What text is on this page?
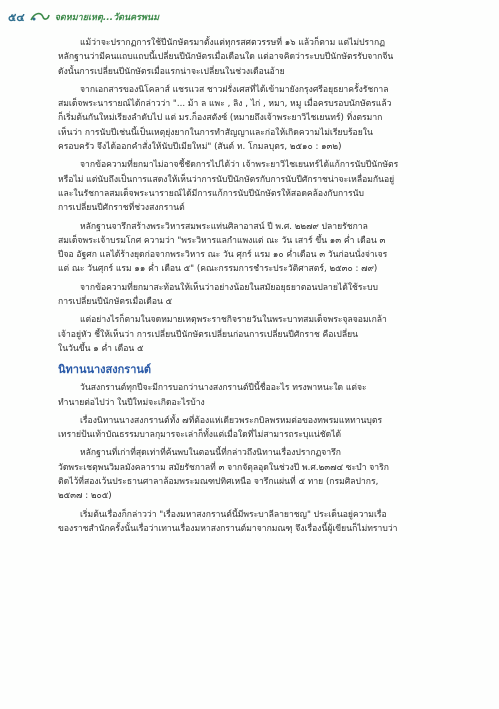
๕๔	จดหมายเหตุ...วัดนครพนม
แม้ว่าจะปรากฏการใช้ปีนักษัตรมาตั้งแต่ทุกรสศตวรรษที่ ๑๖ แล้วก็ตาม แต่ไม่ปรากฏ
หลักฐานว่ามีคนแถบแถบนี้เปลี่ยนปีนักษัตรเมื่อเดือนใด แต่อาจคิดว่าระบบปีนักษัตรรับจากจีน
ดังนั้นการเปลี่ยนปีนักษัตรเมื่อแรกน่าจะเปลี่ยนในช่วงเดือนอ้าย
จากเอกสารของนิโคลาส์ แชรแวส ชาวฝรั่งเศสที่ได้เข้ามายังกรุงศรีอยุธยาครั้งรัชกาล
สมเด็จพระนารายณ์ได้กล่าวว่า "... ม้า ล แพะ , ลิง , ไก่ , หมา, หมู เมื่อครบรอบนักษัตรแล้ว
ก็เริ่มต้นกันใหม่เรียงลำดับไป แต่ มร.ก็องสตังซ์ (หมายถึงเจ้าพระยาวิไชเยนทร์) ทิ่งตรมาก
เห็นว่า การนับปีเช่นนี้เป็นเหตุยุ่งยากในการทำสัญญาและก่อให้เกิดความไม่เรียบร้อยใน
ครอบครัว จึงได้ออกคำสั่งให้นับปีเมียใหม่" (สันต์ ท. โกมลบุตร, ๒๕๑๐ : ๑๓๒)
จากข้อความที่ยกมาไม่อาจชี้ชัดการไปได้ว่า เจ้าพระยาวิไชเยนทร์ได้แก้การนับปีนักษัตร
หรือไม่ แต่นับถึงเป็นการแสดงให้เห็นว่าการนับปีนักษัตรกับการนับปีศักราชน่าจะเหลื่อมกันอยู่
และในรัชกาลสมเด็จพระนารายณ์ได้มีการแก้การนับปีนักษัตรให้สอดคล้องกับการนับ
การเปลี่ยนปีศักราชที่ช่วงสงกรานต์
หลักฐานจารึกสร้างพระวิหารสมพระแท่นศิลาอาสน์ ปี พ.ศ. ๒๒๗๙ ปลายรัชกาล
สมเด็จพระเจ้าบรมโกศ ความว่า "พระวิหารแลกำแพงแต่ ณะ วัน เสาร์ ขึ้น ๑๓ ค่ำ เดือน ๓
ปีจอ อัฐศก แลได้ร้างยุดก่อจากพระวิหาร ณะ วัน ศุกร์ แรม ๑๐ ค่ำเดือน ๓ วันก่อนนั่งจ่าเจร
แต่ ณะ วันศุกร์ แรม ๑๑ ค่ำ เดือน ๕" (คณะกรรมการชำระประวัติศาสตร์, ๒๕๓๐ : ๗๙)
จากข้อความที่ยกมาสะท้อนให้เห็นว่าอย่างน้อยในสมัยอยุธยาตอนปลายได้ใช้ระบบ
การเปลี่ยนปีนักษัตรเมื่อเดือน ๕
แต่อย่างไรก็ตามในจดหมายเหตุพระราชกิจรายวันในพระบาทสมเด็จพระจุลจอมเกล้า
เจ้าอยู่หัว ชี้ให้เห็นว่า การเปลี่ยนปีนักษัตรเปลี่ยนก่อนการเปลี่ยนปีศักราช คือเปลี่ยน
ในวันขึ้น ๑ ค่ำ เดือน ๕
นิทานนางสงกรานต์
วันสงกรานต์ทุกปีจะมีการบอกว่านางสงกรานต์ปีนี้ชื่ออะไร ทรงพาหนะใด แต่จะ
ทำนายต่อไปว่า ในปีใหม่จะเกิดอะไรบ้าง
เรื่องนิทานนางสงกรานต์ทั้ง ๗ที่ต้องแห่เดียวพระกบิลพรหมต่อของทพรมแหทานบุตร
เทราย่ป้นเท้าบัณธรรมบาลกุมารจะเล่าก็ทั้งแต่เมื่อใดที่ไม่สามารถระบุแน่ชัดได้
หลักฐานที่เก่าที่สุดเท่าที่ค้นพบในตอนนี้ที่กล่าวถึงนิทานเรื่องปรากฏจารึก
วัดพระเชตุพนวิมลมังคลาราม สมัยรัชกาลที่ ๓ จากจัตุลอุดในช่วงปี พ.ศ.๒๓๗๔ ซะบำ จาริก
ติดไว้ที่สองเว้นประธานศาลาล้อมพระมณฑปทิศเหนือ จารึกแผ่นที่ ๕ ทาย (กรมศิลปากร,
๒๕๓๗ : ๒๐๕)
เริ่มต้นเรื่องก็กล่าวว่า "เรื่องมหาสงกรานต์นี้มีพระบาลีลายาชญ" ประเด็นอยู่ความเรื่อ
ของราชสำนักครั้งนั้นเรื่อว่าเทานเรื่องมหาสงกรานต์มาจากมณฑุ จึงเรื่องนี้ผู้เขียนก็ไม่ทราบว่า
